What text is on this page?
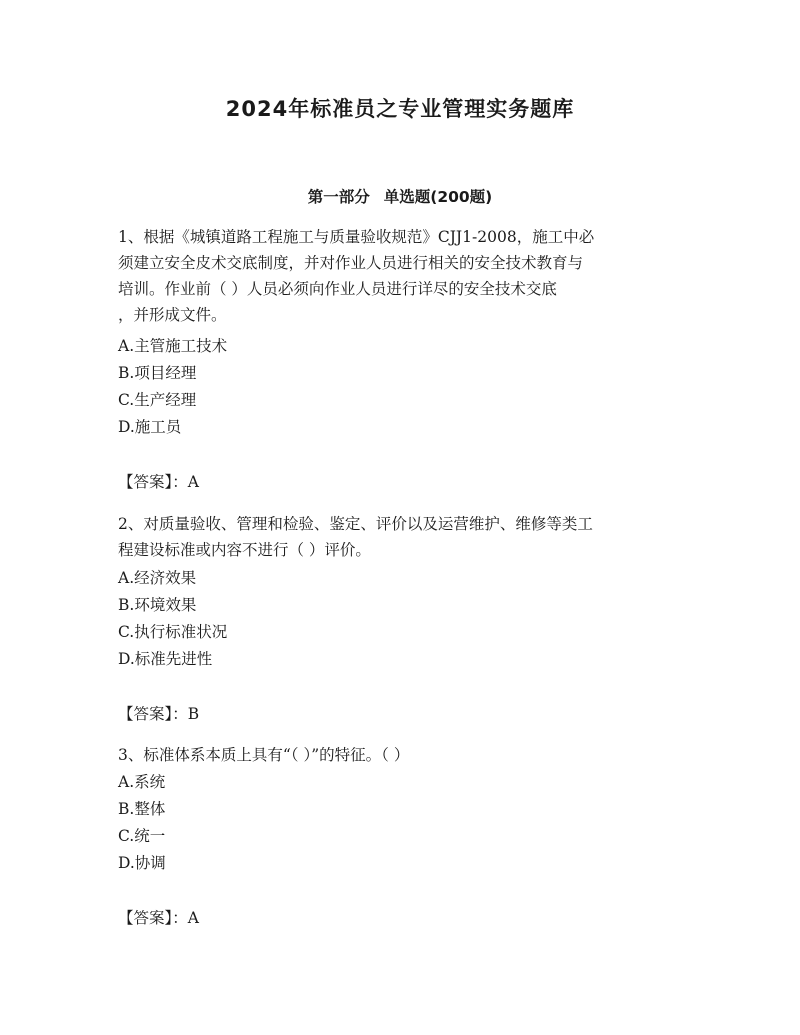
2024年标准员之专业管理实务题库
第一部分 单选题(200题)
1、根据《城镇道路工程施工与质量验收规范》CJJ1-2008，施工中必
须建立安全皮术交底制度，并对作业人员进行相关的安全技术教育与
培训。作业前（ ）人员必须向作业人员进行详尽的安全技术交底
，并形成文件。
A.主管施工技术
B.项目经理
C.生产经理
D.施工员
【答案】：A
2、对质量验收、管理和检验、鉴定、评价以及运营维护、维修等类工
程建设标准或内容不进行（ ）评价。
A.经济效果
B.环境效果
C.执行标准状况
D.标准先进性
【答案】：B
3、标准体系本质上具有“（ ）”的特征。（ ）
A.系统
B.整体
C.统一
D.协调
【答案】：A
